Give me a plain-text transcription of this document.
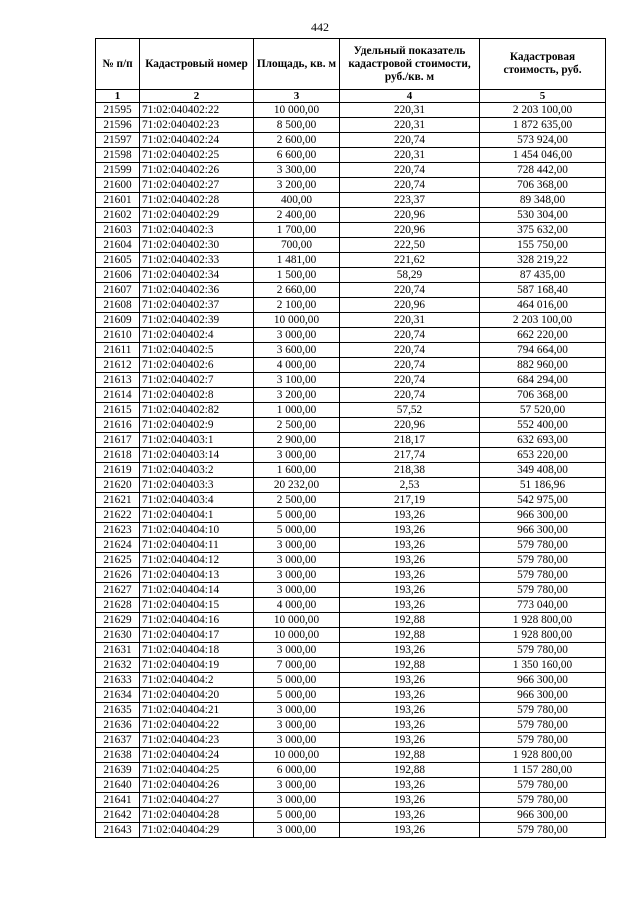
442
№ п/п	Кадастровый номер	Площадь, кв. м	Удельный показатель кадастровой стоимости, руб./кв. м	Кадастровая стоимость, руб.
1	2	3	4	5
21595	71:02:040402:22	10 000,00	220,31	2 203 100,00
21596	71:02:040402:23	8 500,00	220,31	1 872 635,00
21597	71:02:040402:24	2 600,00	220,74	573 924,00
21598	71:02:040402:25	6 600,00	220,31	1 454 046,00
21599	71:02:040402:26	3 300,00	220,74	728 442,00
21600	71:02:040402:27	3 200,00	220,74	706 368,00
21601	71:02:040402:28	400,00	223,37	89 348,00
21602	71:02:040402:29	2 400,00	220,96	530 304,00
21603	71:02:040402:3	1 700,00	220,96	375 632,00
21604	71:02:040402:30	700,00	222,50	155 750,00
21605	71:02:040402:33	1 481,00	221,62	328 219,22
21606	71:02:040402:34	1 500,00	58,29	87 435,00
21607	71:02:040402:36	2 660,00	220,74	587 168,40
21608	71:02:040402:37	2 100,00	220,96	464 016,00
21609	71:02:040402:39	10 000,00	220,31	2 203 100,00
21610	71:02:040402:4	3 000,00	220,74	662 220,00
21611	71:02:040402:5	3 600,00	220,74	794 664,00
21612	71:02:040402:6	4 000,00	220,74	882 960,00
21613	71:02:040402:7	3 100,00	220,74	684 294,00
21614	71:02:040402:8	3 200,00	220,74	706 368,00
21615	71:02:040402:82	1 000,00	57,52	57 520,00
21616	71:02:040402:9	2 500,00	220,96	552 400,00
21617	71:02:040403:1	2 900,00	218,17	632 693,00
21618	71:02:040403:14	3 000,00	217,74	653 220,00
21619	71:02:040403:2	1 600,00	218,38	349 408,00
21620	71:02:040403:3	20 232,00	2,53	51 186,96
21621	71:02:040403:4	2 500,00	217,19	542 975,00
21622	71:02:040404:1	5 000,00	193,26	966 300,00
21623	71:02:040404:10	5 000,00	193,26	966 300,00
21624	71:02:040404:11	3 000,00	193,26	579 780,00
21625	71:02:040404:12	3 000,00	193,26	579 780,00
21626	71:02:040404:13	3 000,00	193,26	579 780,00
21627	71:02:040404:14	3 000,00	193,26	579 780,00
21628	71:02:040404:15	4 000,00	193,26	773 040,00
21629	71:02:040404:16	10 000,00	192,88	1 928 800,00
21630	71:02:040404:17	10 000,00	192,88	1 928 800,00
21631	71:02:040404:18	3 000,00	193,26	579 780,00
21632	71:02:040404:19	7 000,00	192,88	1 350 160,00
21633	71:02:040404:2	5 000,00	193,26	966 300,00
21634	71:02:040404:20	5 000,00	193,26	966 300,00
21635	71:02:040404:21	3 000,00	193,26	579 780,00
21636	71:02:040404:22	3 000,00	193,26	579 780,00
21637	71:02:040404:23	3 000,00	193,26	579 780,00
21638	71:02:040404:24	10 000,00	192,88	1 928 800,00
21639	71:02:040404:25	6 000,00	192,88	1 157 280,00
21640	71:02:040404:26	3 000,00	193,26	579 780,00
21641	71:02:040404:27	3 000,00	193,26	579 780,00
21642	71:02:040404:28	5 000,00	193,26	966 300,00
21643	71:02:040404:29	3 000,00	193,26	579 780,00
